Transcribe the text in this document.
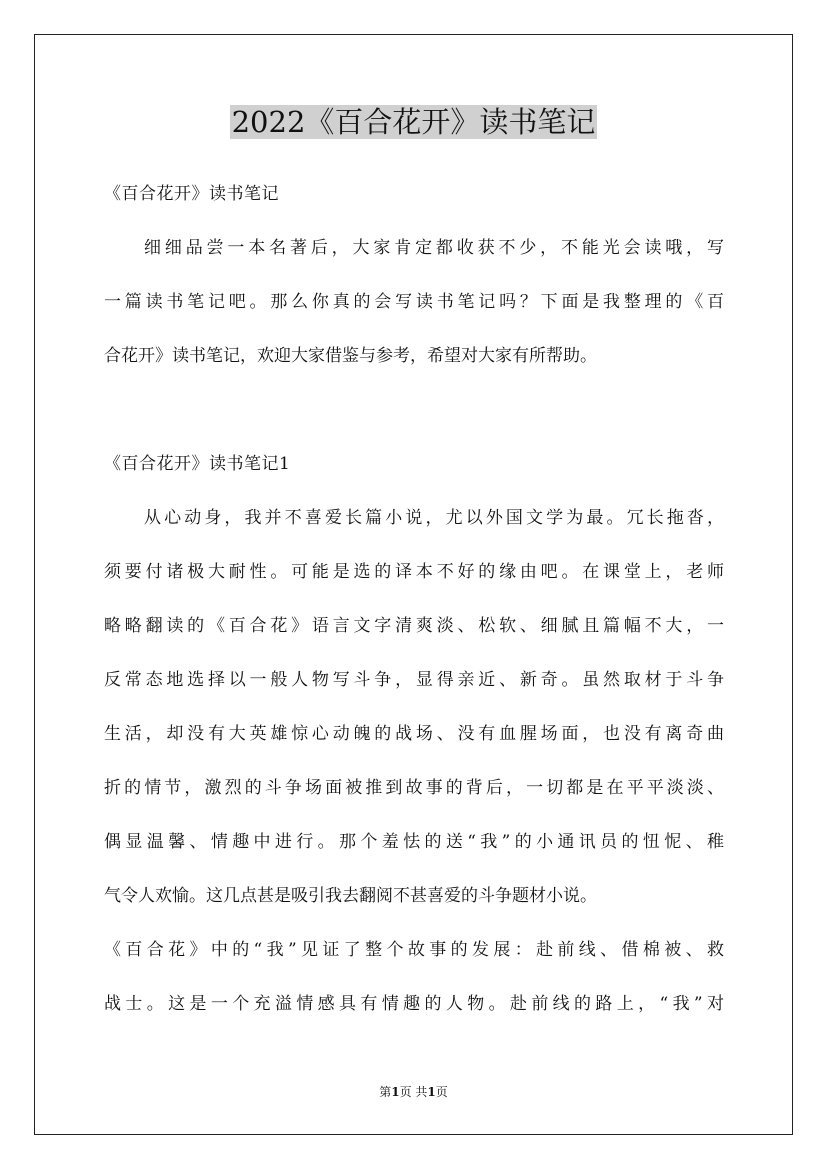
2022《百合花开》读书笔记

《百合花开》读书笔记

细细品尝一本名著后，大家肯定都收获不少，不能光会读哦，写

一篇读书笔记吧。那么你真的会写读书笔记吗？下面是我整理的《百

合花开》读书笔记，欢迎大家借鉴与参考，希望对大家有所帮助。

《百合花开》读书笔记1

从心动身，我并不喜爱长篇小说，尤以外国文学为最。冗长拖沓，

须要付诸极大耐性。可能是选的译本不好的缘由吧。在课堂上，老师

略略翻读的《百合花》语言文字清爽淡、松软、细腻且篇幅不大，一

反常态地选择以一般人物写斗争，显得亲近、新奇。虽然取材于斗争

生活，却没有大英雄惊心动魄的战场、没有血腥场面，也没有离奇曲

折的情节，激烈的斗争场面被推到故事的背后，一切都是在平平淡淡、

偶显温馨、情趣中进行。那个羞怯的送“我”的小通讯员的忸怩、稚

气令人欢愉。这几点甚是吸引我去翻阅不甚喜爱的斗争题材小说。

《百合花》中的“我”见证了整个故事的发展：赴前线、借棉被、救

战士。这是一个充溢情感具有情趣的人物。赴前线的路上，“我”对

第1页 共1页
